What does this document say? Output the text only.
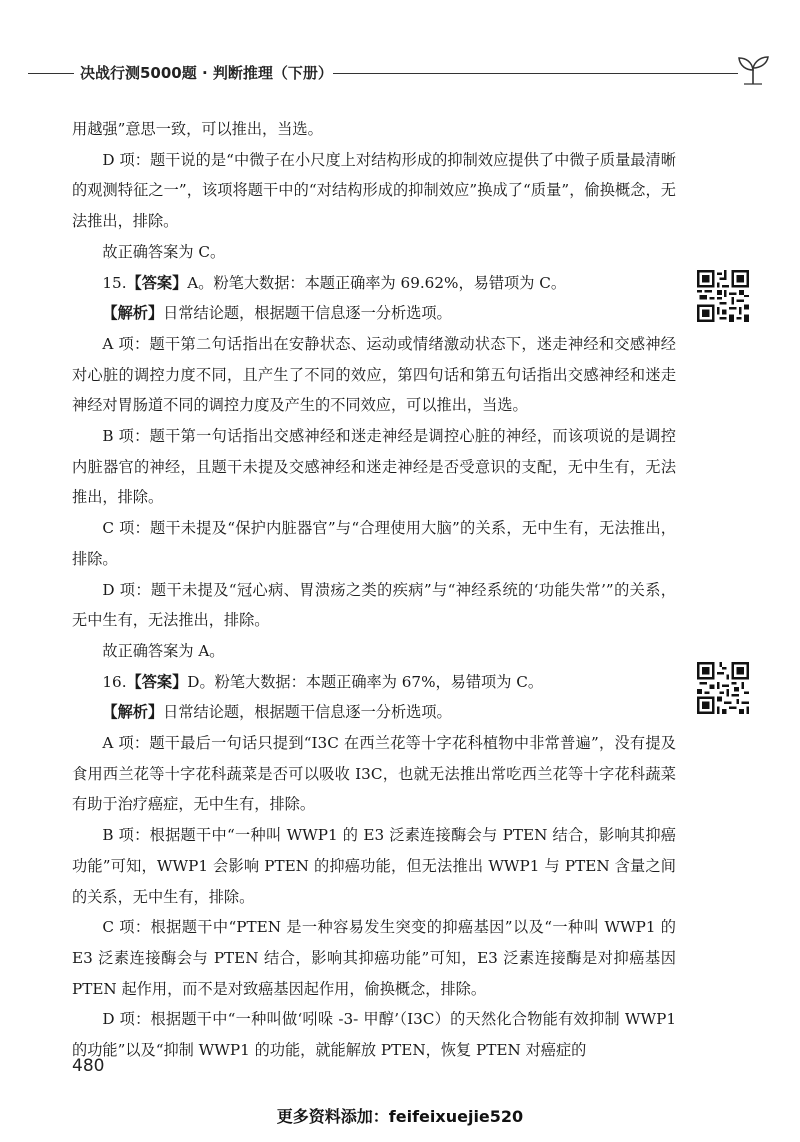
决战行测5000题 · 判断推理（下册）

用越强”意思一致，可以推出，当选。

D 项：题干说的是“中微子在小尺度上对结构形成的抑制效应提供了中微子质量最清晰的观测特征之一”，该项将题干中的“对结构形成的抑制效应”换成了“质量”，偷换概念，无法推出，排除。

故正确答案为 C。

15.【答案】A。粉笔大数据：本题正确率为 69.62%，易错项为 C。

【解析】日常结论题，根据题干信息逐一分析选项。

A 项：题干第二句话指出在安静状态、运动或情绪激动状态下，迷走神经和交感神经对心脏的调控力度不同，且产生了不同的效应，第四句话和第五句话指出交感神经和迷走神经对胃肠道不同的调控力度及产生的不同效应，可以推出，当选。

B 项：题干第一句话指出交感神经和迷走神经是调控心脏的神经，而该项说的是调控内脏器官的神经，且题干未提及交感神经和迷走神经是否受意识的支配，无中生有，无法推出，排除。

C 项：题干未提及“保护内脏器官”与“合理使用大脑”的关系，无中生有，无法推出，排除。

D 项：题干未提及“冠心病、胃溃疡之类的疾病”与“神经系统的‘功能失常’”的关系，无中生有，无法推出，排除。

故正确答案为 A。

16.【答案】D。粉笔大数据：本题正确率为 67%，易错项为 C。

【解析】日常结论题，根据题干信息逐一分析选项。

A 项：题干最后一句话只提到“I3C 在西兰花等十字花科植物中非常普遍”，没有提及食用西兰花等十字花科蔬菜是否可以吸收 I3C，也就无法推出常吃西兰花等十字花科蔬菜有助于治疗癌症，无中生有，排除。

B 项：根据题干中“一种叫 WWP1 的 E3 泛素连接酶会与 PTEN 结合，影响其抑癌功能”可知，WWP1 会影响 PTEN 的抑癌功能，但无法推出 WWP1 与 PTEN 含量之间的关系，无中生有，排除。

C 项：根据题干中“PTEN 是一种容易发生突变的抑癌基因”以及“一种叫 WWP1 的 E3 泛素连接酶会与 PTEN 结合，影响其抑癌功能”可知，E3 泛素连接酶是对抑癌基因 PTEN 起作用，而不是对致癌基因起作用，偷换概念，排除。

D 项：根据题干中“一种叫做‘吲哚 -3- 甲醇’（I3C）的天然化合物能有效抑制 WWP1 的功能”以及“抑制 WWP1 的功能，就能解放 PTEN，恢复 PTEN 对癌症的

480
更多资料添加：feifeixuejie520
